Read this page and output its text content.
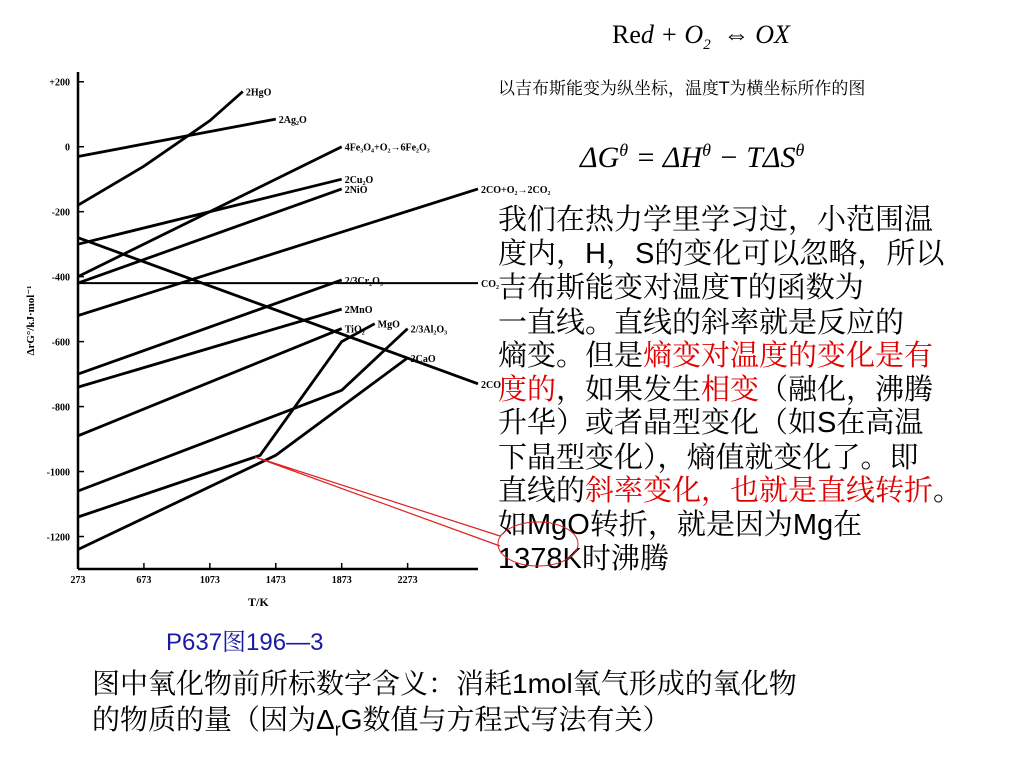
Red + $O_2$ ⇔ OX
以吉布斯能变为纵坐标，温度T为横坐标所作的图
$\Delta G^\theta = \Delta H^\theta - T\Delta S^\theta$
我们在热力学里学习过，小范围温
度内，H，S的变化可以忽略，所以
吉布斯能变对温度T的函数为
一直线。直线的斜率就是反应的
熵变。但是熵变对温度的变化是有
度的，如果发生相变（融化，沸腾
升华）或者晶型变化（如S在高温
下晶型变化），熵值就变化了。即
直线的斜率变化，也就是直线转折。
如MgO转折，就是因为Mg在
1378K时沸腾
+200
0
-200
-400
-600
-800
-1000
-1200
273	673	1073	1473	1873	2273
T/K
ΔrG°/kJ·mol⁻¹
2HgO
2Ag₂O
4Fe₃O₄+O₂→6Fe₂O₃
2Cu₂O
2NiO	2CO+O₂→2CO₂
2/3Cr₂O₃	CO₂
2MnO
TiO₂	2/3Al₂O₃
MgO
2CaO
2CO
P637图196—3
图中氧化物前所标数字含义：消耗1mol氧气形成的氧化物
的物质的量（因为$\Delta_rG$数值与方程式写法有关）
